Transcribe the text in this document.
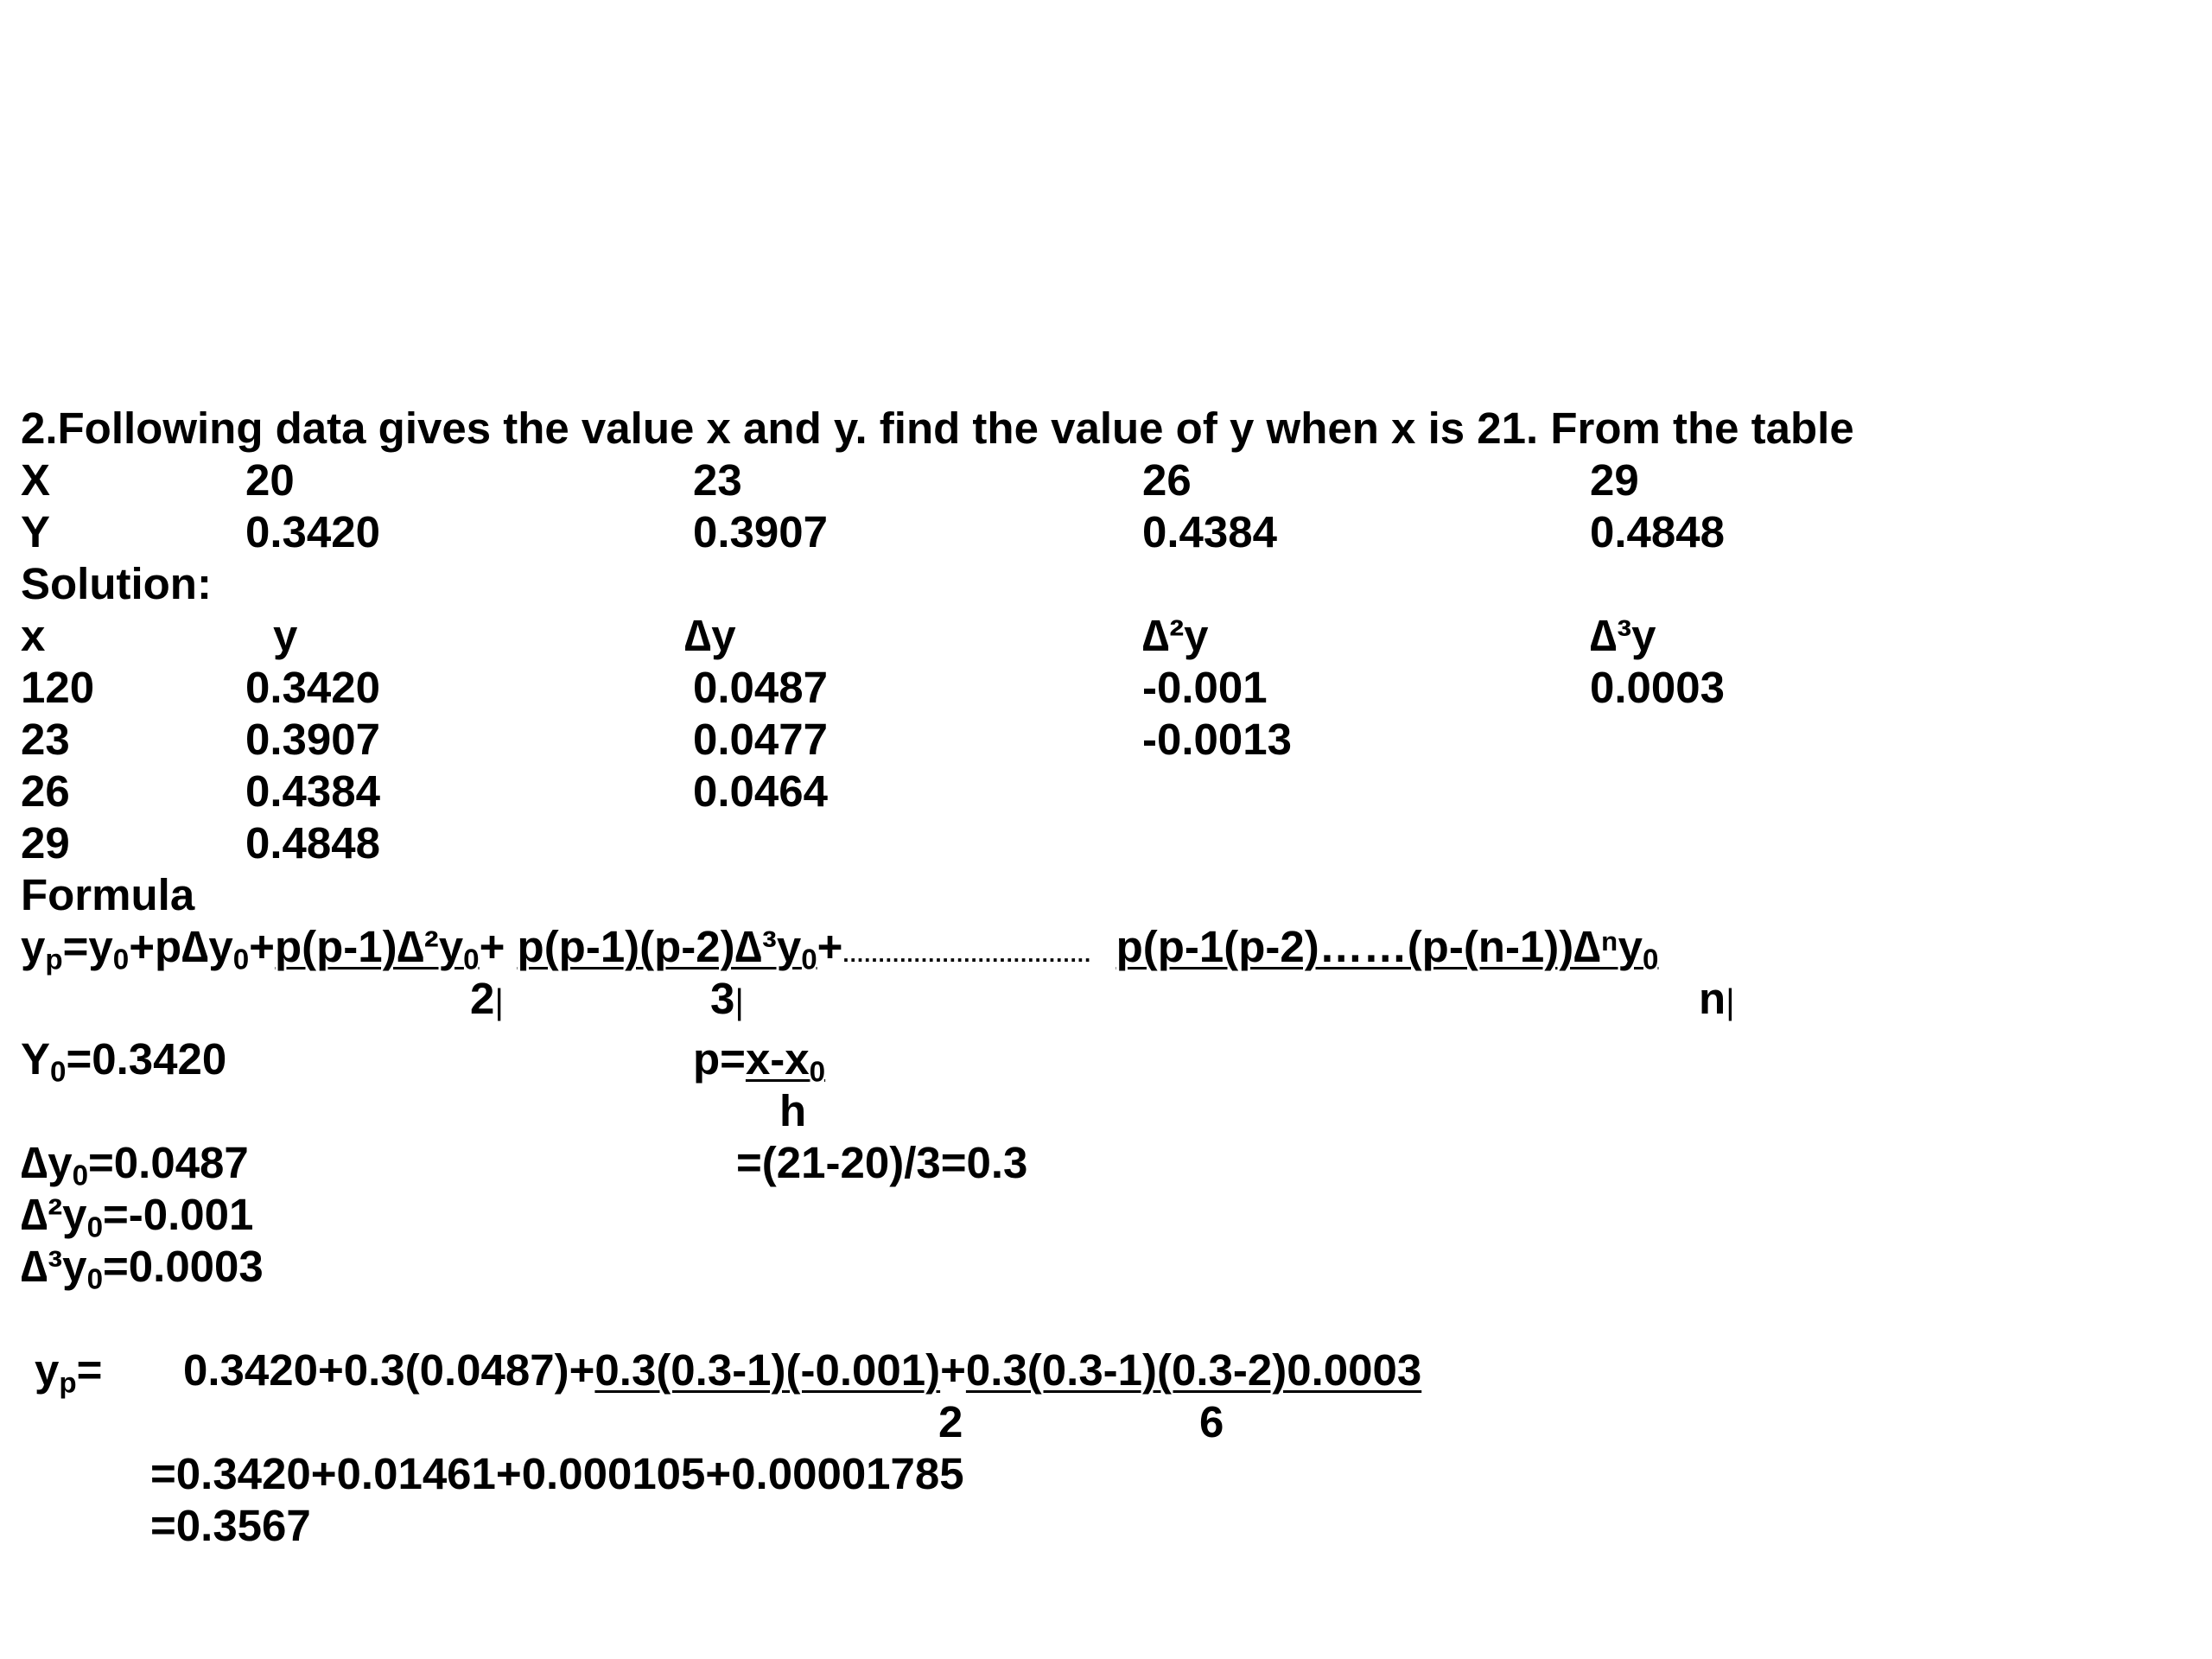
2.Following data gives the value x and y. find the value of y when x is 21. From the table
X	20	23	26	29
Y	0.3420	0.3907	0.4384	0.4848
Solution:
x	y	∆y	∆²y	∆³y
120	0.3420	0.0487	-0.001	0.0003
23	0.3907	0.0477	-0.0013
26	0.4384	0.0464
29	0.4848
Formula
$y_p=y_0+p\Delta y_0+p(p-1)\Delta^2y_0+ p(p-1)(p-2)\Delta^3y_0+$................................... p(p-1(p-2)……(p-(n-1))∆ⁿy$_0$
2|	3|	n|
$Y_0=0.3420$	$p=x-x_0$
h
$\Delta y_0=0.0487$	=(21-20)/3=0.3
$\Delta^2y_0=-0.001$
$\Delta^3y_0=0.0003$
$y_p= 0.3420+0.3(0.0487)+0.3(0.3-1)(-0.001)+0.3(0.3-1)(0.3-2)0.0003$
2	6
=0.3420+0.01461+0.000105+0.00001785
=0.3567
